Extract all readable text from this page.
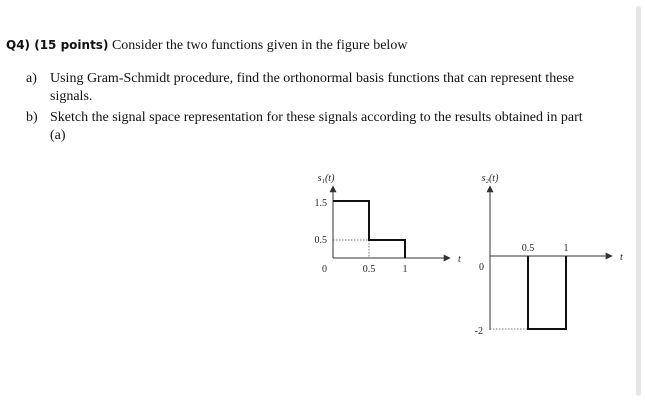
Q4) (15 points) Consider the two functions given in the figure below
a) Using Gram-Schmidt procedure, find the orthonormal basis functions that can represent these signals.
b) Sketch the signal space representation for these signals according to the results obtained in part (a)
s₁(t)
t
1.5
0.5
0	0.5	1
s₂(t)
t
0
0.5	1
-2
